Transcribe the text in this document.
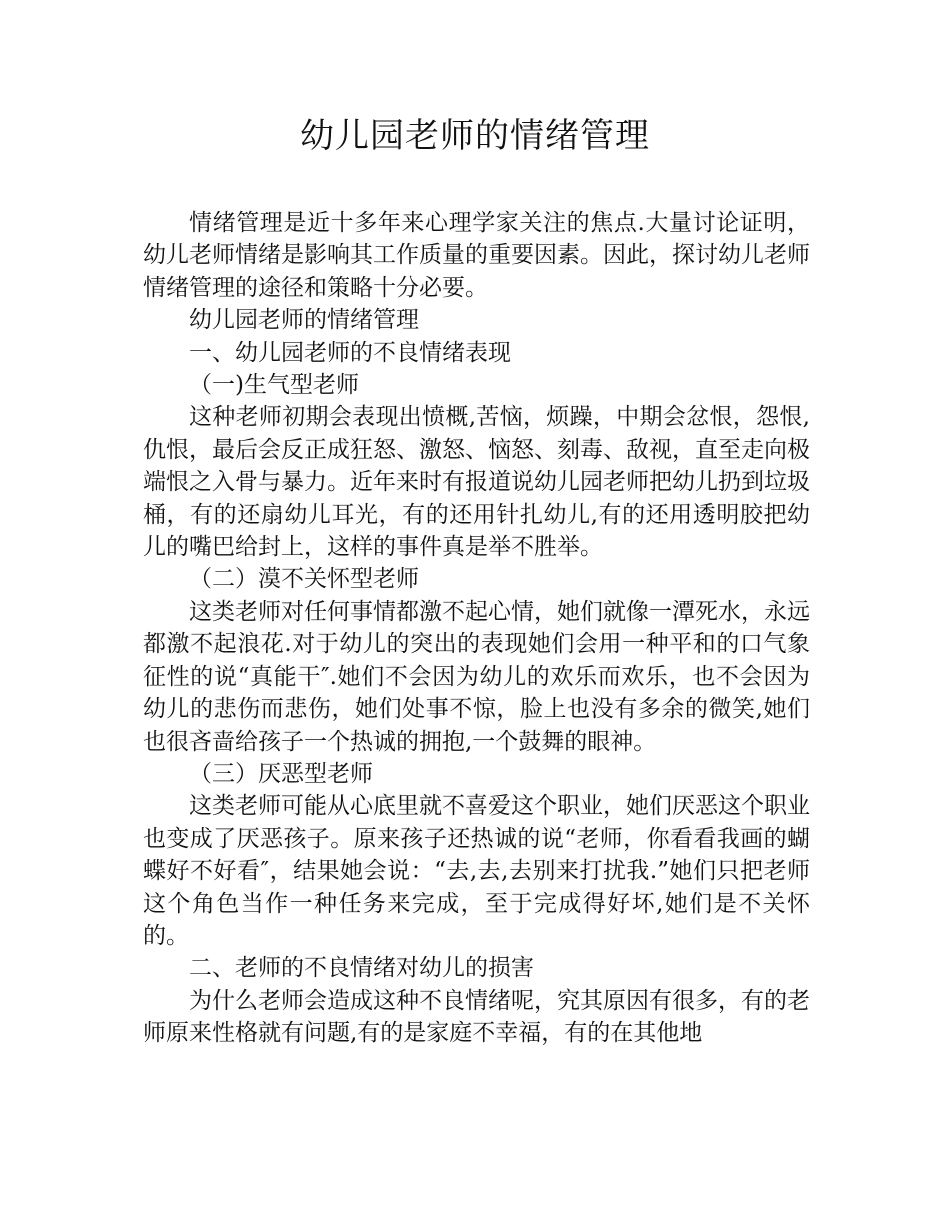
幼儿园老师的情绪管理

情绪管理是近十多年来心理学家关注的焦点.大量讨论证明，幼儿老师情绪是影响其工作质量的重要因素。因此，探讨幼儿老师情绪管理的途径和策略十分必要。

幼儿园老师的情绪管理

一、幼儿园老师的不良情绪表现

（一)生气型老师

这种老师初期会表现出愤概,苦恼，烦躁，中期会忿恨，怨恨,仇恨，最后会反正成狂怒、激怒、恼怒、刻毒、敌视，直至走向极端恨之入骨与暴力。近年来时有报道说幼儿园老师把幼儿扔到垃圾桶，有的还扇幼儿耳光，有的还用针扎幼儿,有的还用透明胶把幼儿的嘴巴给封上，这样的事件真是举不胜举。

（二）漠不关怀型老师

这类老师对任何事情都激不起心情，她们就像一潭死水，永远都激不起浪花.对于幼儿的突出的表现她们会用一种平和的口气象征性的说“真能干″.她们不会因为幼儿的欢乐而欢乐，也不会因为幼儿的悲伤而悲伤，她们处事不惊，脸上也没有多余的微笑,她们也很吝啬给孩子一个热诚的拥抱,一个鼓舞的眼神。

（三）厌恶型老师

这类老师可能从心底里就不喜爱这个职业，她们厌恶这个职业也变成了厌恶孩子。原来孩子还热诚的说“老师，你看看我画的蝴蝶好不好看″，结果她会说：“去,去,去别来打扰我.”她们只把老师这个角色当作一种任务来完成，至于完成得好坏,她们是不关怀的。

二、老师的不良情绪对幼儿的损害

为什么老师会造成这种不良情绪呢，究其原因有很多，有的老师原来性格就有问题,有的是家庭不幸福，有的在其他地
